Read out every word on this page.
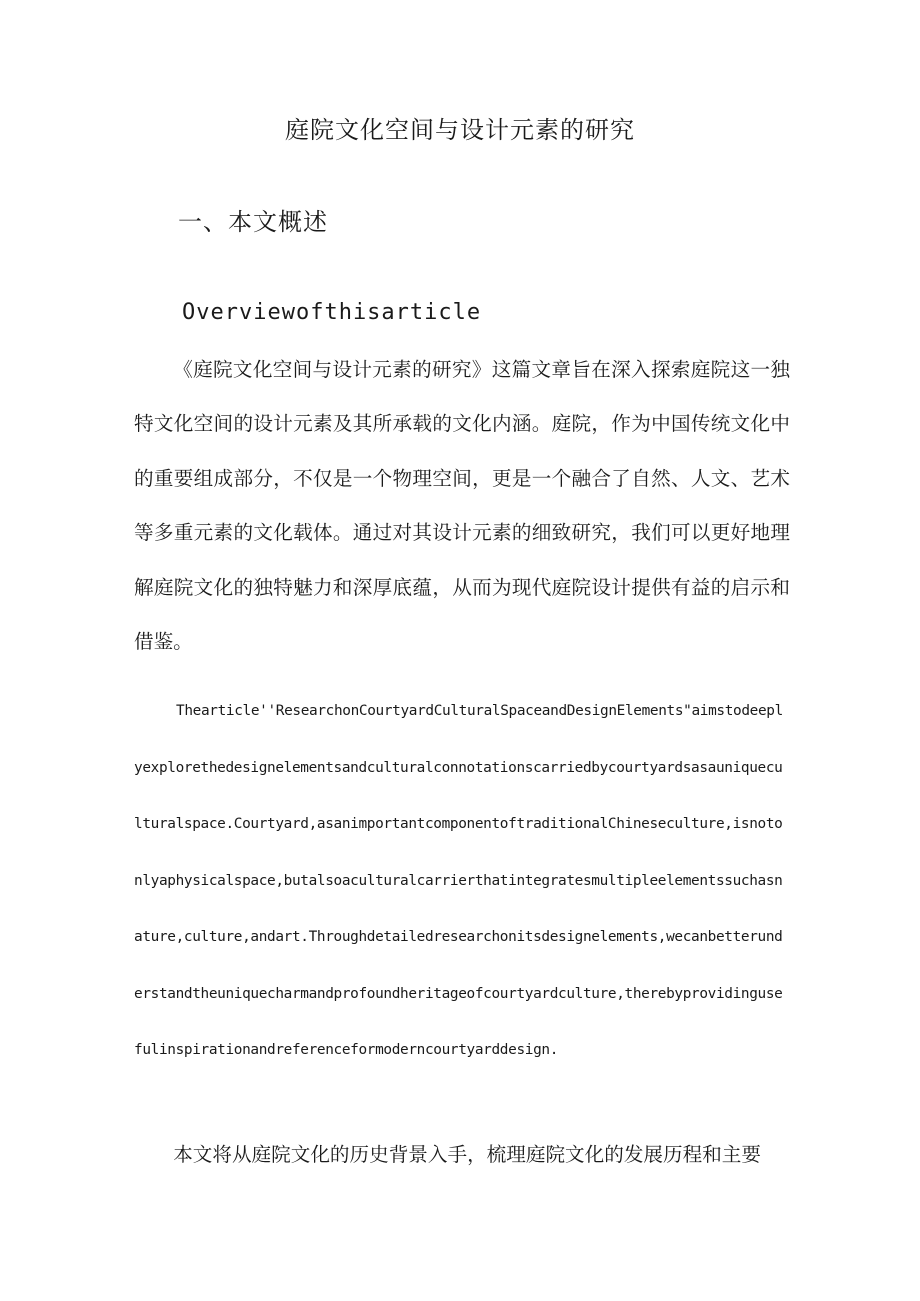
庭院文化空间与设计元素的研究
一、本文概述
Overviewofthisarticle

《庭院文化空间与设计元素的研究》这篇文章旨在深入探索庭院这一独特文化空间的设计元素及其所承载的文化内涵。庭院，作为中国传统文化中的重要组成部分，不仅是一个物理空间，更是一个融合了自然、人文、艺术等多重元素的文化载体。通过对其设计元素的细致研究，我们可以更好地理解庭院文化的独特魅力和深厚底蕴，从而为现代庭院设计提供有益的启示和借鉴。

Thearticle''ResearchonCourtyardCulturalSpaceandDesignElements"aimstodeeplyexplorethedesignelementsandculturalconnotationscarriedbycourtyardsasauniqueculturalspace.Courtyard,asanimportantcomponentoftraditionalChineseculture,isnotonlyaphysicalspace,butalsoaculturalcarrierthatintegratesmultipleelementssuchasnature,culture,andart.Throughdetailedresearchonitsdesignelements,wecanbetterunderstandtheuniquecharmandprofoundheritageofcourtyardculture,therebyprovidingusefulinspirationandreferenceformoderncourtyarddesign.

本文将从庭院文化的历史背景入手，梳理庭院文化的发展历程和主要
